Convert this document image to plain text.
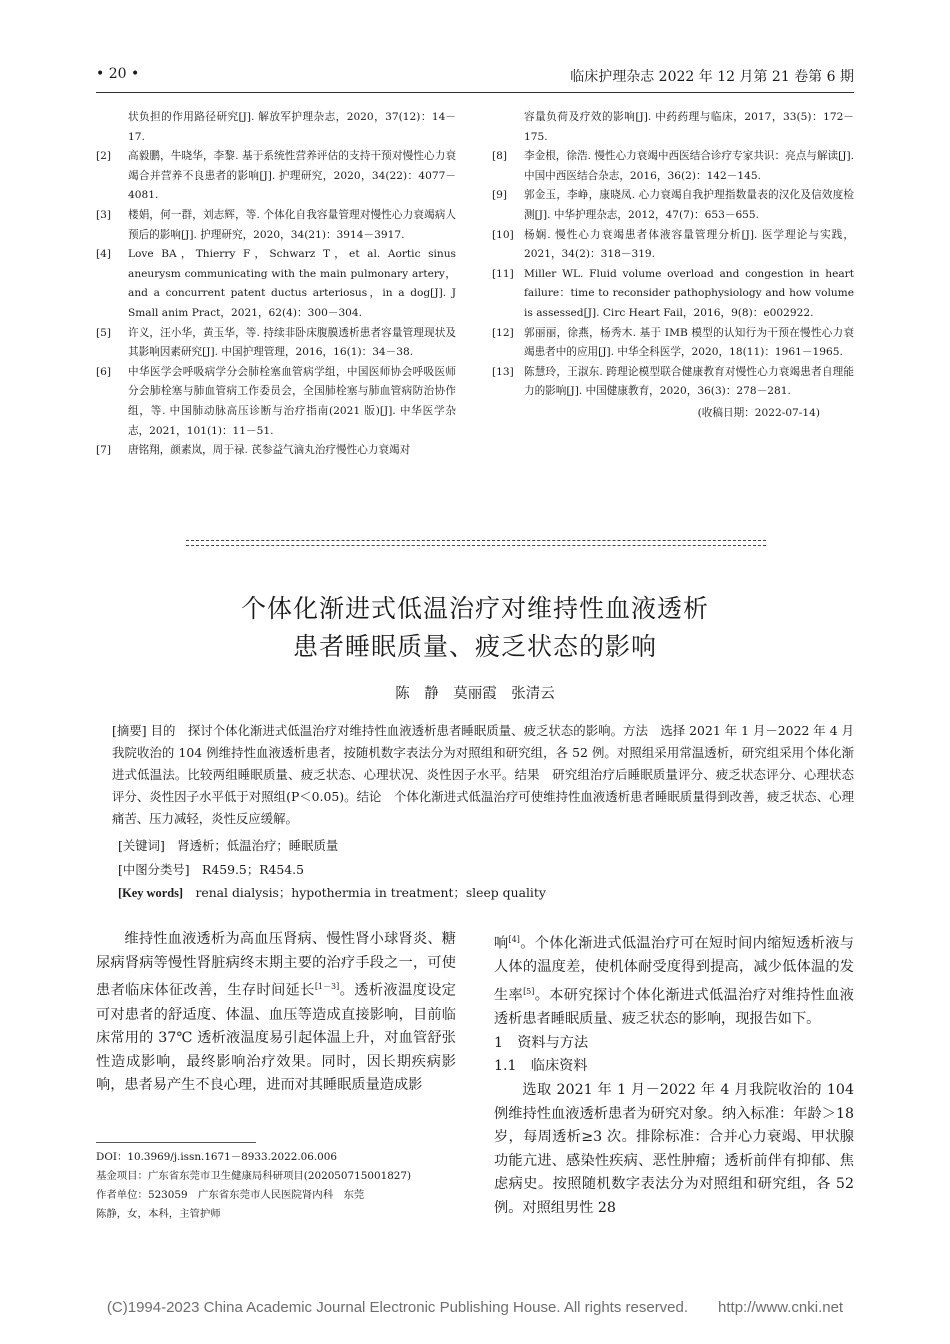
• 20 •	临床护理杂志 2022 年 12 月第 21 卷第 6 期
状负担的作用路径研究[J]. 解放军护理杂志，2020，37(12)：14－17.
[2]	高毅鹏，牛晓华，李黎. 基于系统性营养评估的支持干预对慢性心力衰竭合并营养不良患者的影响[J]. 护理研究，2020，34(22)：4077－4081.
[3]	楼娟，何一群，刘志辉，等. 个体化自我容量管理对慢性心力衰竭病人预后的影响[J]. 护理研究，2020，34(21)：3914－3917.
[4]	Love BA，Thierry F，Schwarz T，et al. Aortic sinus aneurysm communicating with the main pulmonary artery，and a concurrent patent ductus arteriosus，in a dog[J]. J Small anim Pract，2021，62(4)：300－304.
[5]	许义，汪小华，黄玉华，等. 持续非卧床腹膜透析患者容量管理现状及其影响因素研究[J]. 中国护理管理，2016，16(1)：34－38.
[6]	中华医学会呼吸病学分会肺栓塞血管病学组，中国医师协会呼吸医师分会肺栓塞与肺血管病工作委员会，全国肺栓塞与肺血管病防治协作组，等. 中国肺动脉高压诊断与治疗指南(2021 版)[J]. 中华医学杂志，2021，101(1)：11－51.
[7]	唐铭翔，颜素岚，周于禄. 芪参益气滴丸治疗慢性心力衰竭对
容量负荷及疗效的影响[J]. 中药药理与临床，2017，33(5)：172－175.
[8]	李金根，徐浩. 慢性心力衰竭中西医结合诊疗专家共识：亮点与解读[J]. 中国中西医结合杂志，2016，36(2)：142－145.
[9]	郭金玉，李峥，康晓凤. 心力衰竭自我护理指数量表的汉化及信效度检测[J]. 中华护理杂志，2012，47(7)：653－655.
[10] 杨娴. 慢性心力衰竭患者体液容量管理分析[J]. 医学理论与实践，2021，34(2)：318－319.
[11] Miller WL. Fluid volume overload and congestion in heart failure：time to reconsider pathophysiology and how volume is assessed[J]. Circ Heart Fail，2016，9(8)：e002922.
[12] 郭丽丽，徐燕，杨秀木. 基于 IMB 模型的认知行为干预在慢性心力衰竭患者中的应用[J]. 中华全科医学，2020，18(11)：1961－1965.
[13] 陈慧玲，王淑东. 跨理论模型联合健康教育对慢性心力衰竭患者自理能力的影响[J]. 中国健康教育，2020，36(3)：278－281.
(收稿日期：2022-07-14)
个体化渐进式低温治疗对维持性血液透析
患者睡眠质量、疲乏状态的影响
陈　静　莫丽霞　张清云
[摘要] 目的　探讨个体化渐进式低温治疗对维持性血液透析患者睡眠质量、疲乏状态的影响。方法　选择 2021 年 1 月－2022 年 4 月我院收治的 104 例维持性血液透析患者，按随机数字表法分为对照组和研究组，各 52 例。对照组采用常温透析，研究组采用个体化渐进式低温法。比较两组睡眠质量、疲乏状态、心理状况、炎性因子水平。结果　研究组治疗后睡眠质量评分、疲乏状态评分、心理状态评分、炎性因子水平低于对照组(P＜0.05)。结论　个体化渐进式低温治疗可使维持性血液透析患者睡眠质量得到改善，疲乏状态、心理痛苦、压力减轻，炎性反应缓解。
[关键词]　 肾透析；低温治疗；睡眠质量
[中图分类号]　 R459.5；R454.5
[Key words]　 renal dialysis；hypothermia in treatment；sleep quality

维持性血液透析为高血压肾病、慢性肾小球肾炎、糖尿病肾病等慢性肾脏病终末期主要的治疗手段之一，可使患者临床体征改善，生存时间延长[1－3]。透析液温度设定可对患者的舒适度、体温、血压等造成直接影响，目前临床常用的 37℃ 透析液温度易引起体温上升，对血管舒张性造成影响，最终影响治疗效果。同时，因长期疾病影响，患者易产生不良心理，进而对其睡眠质量造成影

响[4]。个体化渐进式低温治疗可在短时间内缩短透析液与人体的温度差，使机体耐受度得到提高，减少低体温的发生率[5]。本研究探讨个体化渐进式低温治疗对维持性血液透析患者睡眠质量、疲乏状态的影响，现报告如下。

1　资料与方法

1.1　临床资料

选取 2021 年 1 月－2022 年 4 月我院收治的 104 例维持性血液透析患者为研究对象。纳入标准：年龄＞18 岁，每周透析≥3 次。排除标准：合并心力衰竭、甲状腺功能亢进、感染性疾病、恶性肿瘤；透析前伴有抑郁、焦虑病史。按照随机数字表法分为对照组和研究组，各 52 例。对照组男性 28

DOI：10.3969/j.issn.1671－8933.2022.06.006
基金项目：广东省东莞市卫生健康局科研项目(202050715001827)
作者单位：523059　广东省东莞市人民医院肾内科　东莞
陈静，女，本科，主管护师
(C)1994-2023 China Academic Journal Electronic Publishing House. All rights reserved.　　http://www.cnki.net
